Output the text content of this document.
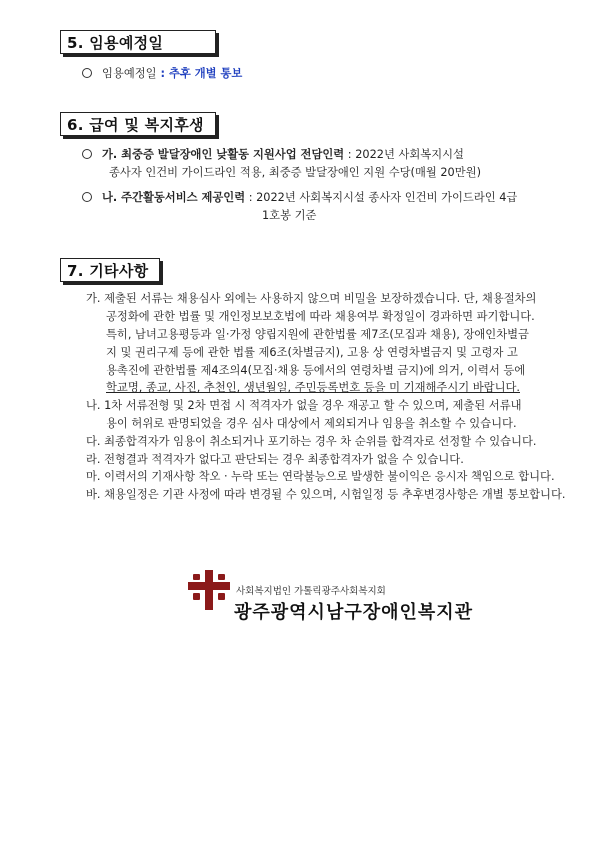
5. 임용예정일
임용예정일 : 추후 개별 통보
6. 급여 및 복지후생
가. 최중증 발달장애인 낮활동 지원사업 전담인력 : 2022년 사회복지시설
종사자 인건비 가이드라인 적용, 최중증 발달장애인 지원 수당(매월 20만원)
나. 주간활동서비스 제공인력 : 2022년 사회복지시설 종사자 인건비 가이드라인 4급
1호봉 기준
7. 기타사항
가. 제출된 서류는 채용심사 외에는 사용하지 않으며 비밀을 보장하겠습니다. 단, 채용절차의
공정화에 관한 법률 및 개인정보보호법에 따라 채용여부 확정일이 경과하면 파기합니다.
특히, 남녀고용평등과 일·가정 양립지원에 관한법률 제7조(모집과 채용), 장애인차별금
지 및 권리구제 등에 관한 법률 제6조(차별금지), 고용 상 연령차별금지 및 고령자 고
용촉진에 관한법률 제4조의4(모집·채용 등에서의 연령차별 금지)에 의거, 이력서 등에
학교명, 종교, 사진, 추천인, 생년월일, 주민등록번호 등을 미 기재해주시기 바랍니다.
나. 1차 서류전형 및 2차 면접 시 적격자가 없을 경우 재공고 할 수 있으며, 제출된 서류내
용이 허위로 판명되었을 경우 심사 대상에서 제외되거나 임용을 취소할 수 있습니다.
다. 최종합격자가 임용이 취소되거나 포기하는 경우 차 순위를 합격자로 선정할 수 있습니다.
라. 전형결과 적격자가 없다고 판단되는 경우 최종합격자가 없을 수 있습니다.
마. 이력서의 기재사항 착오 · 누락 또는 연락불능으로 발생한 불이익은 응시자 책임으로 합니다.
바. 채용일정은 기관 사정에 따라 변경될 수 있으며, 시험일정 등 추후변경사항은 개별 통보합니다.
사회복지법인 가톨릭광주사회복지회
광주광역시남구장애인복지관
